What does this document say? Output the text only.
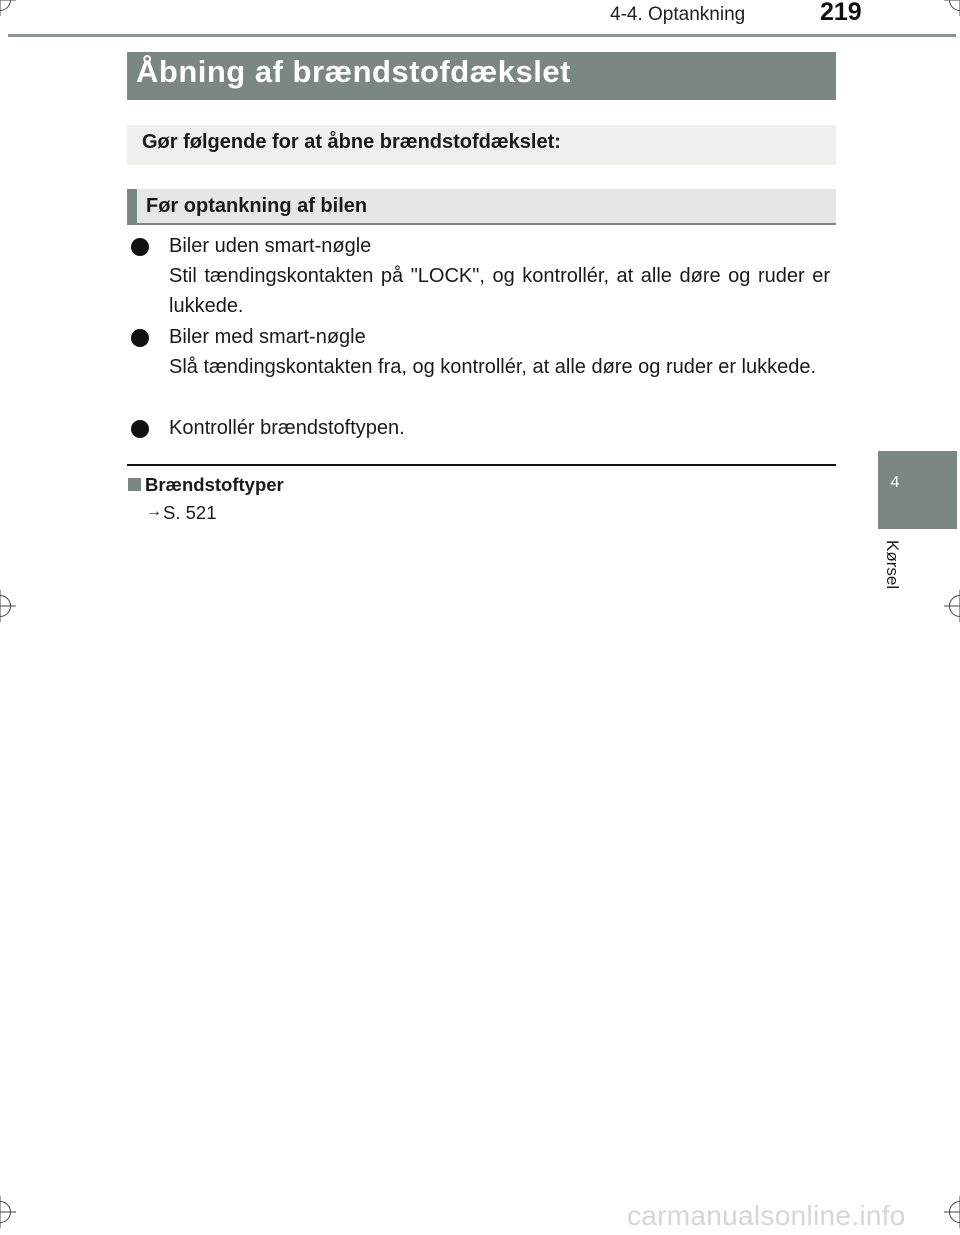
4-4. Optankning	219
Åbning af brændstofdækslet
Gør følgende for at åbne brændstofdækslet:
Før optankning af bilen
Biler uden smart-nøgle
Stil tændingskontakten på "LOCK", og kontrollér, at alle døre og ruder er lukkede.
Biler med smart-nøgle
Slå tændingskontakten fra, og kontrollér, at alle døre og ruder er lukkede.
Kontrollér brændstoftypen.
Brændstoftyper
→ S. 521
4
Kørsel
carmanualsonline.info
